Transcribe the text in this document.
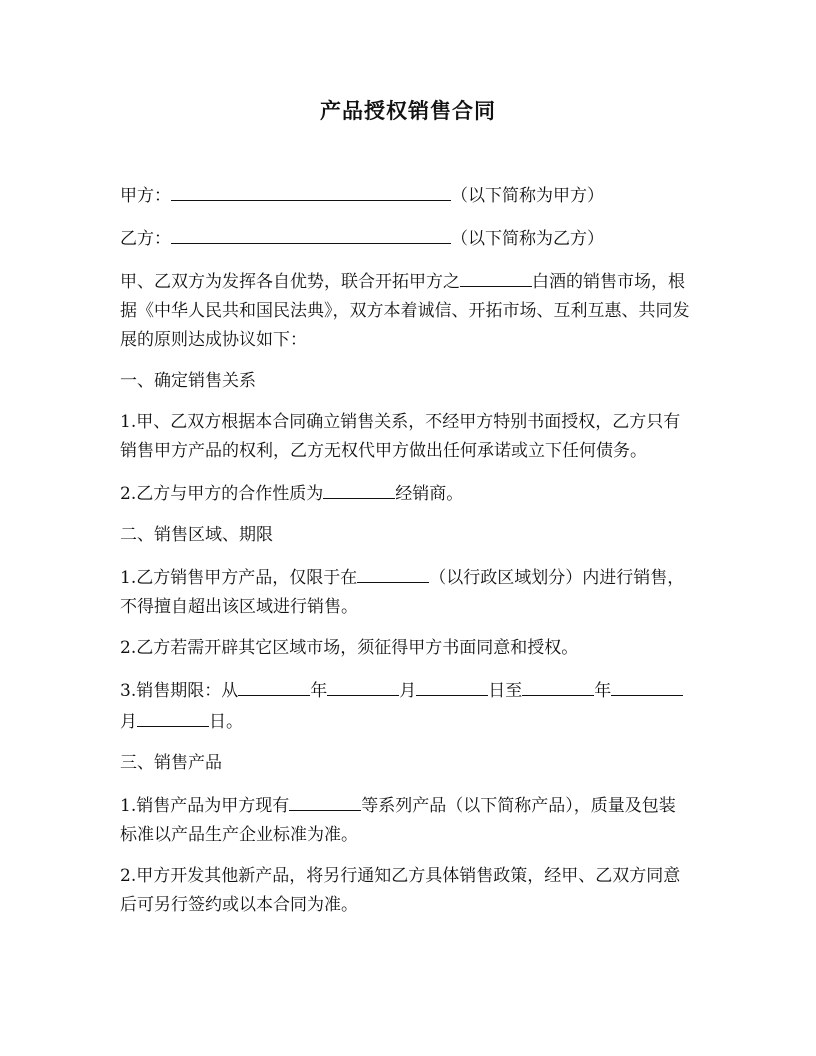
产品授权销售合同

甲方：	（以下简称为甲方）

乙方：	（以下简称为乙方）

甲、乙双方为发挥各自优势，联合开拓甲方之	白酒的销售市场，根据《中华人民共和国民法典》，双方本着诚信、开拓市场、互利互惠、共同发展的原则达成协议如下：

一、确定销售关系

1.甲、乙双方根据本合同确立销售关系，不经甲方特别书面授权，乙方只有销售甲方产品的权利，乙方无权代甲方做出任何承诺或立下任何债务。

2.乙方与甲方的合作性质为	经销商。

二、销售区域、期限

1.乙方销售甲方产品，仅限于在	（以行政区域划分）内进行销售，不得擅自超出该区域进行销售。

2.乙方若需开辟其它区域市场，须征得甲方书面同意和授权。

3.销售期限：从	年	月	日至	年月	日。

三、销售产品

1.销售产品为甲方现有	等系列产品（以下简称产品），质量及包装标准以产品生产企业标准为准。

2.甲方开发其他新产品，将另行通知乙方具体销售政策，经甲、乙双方同意后可另行签约或以本合同为准。
